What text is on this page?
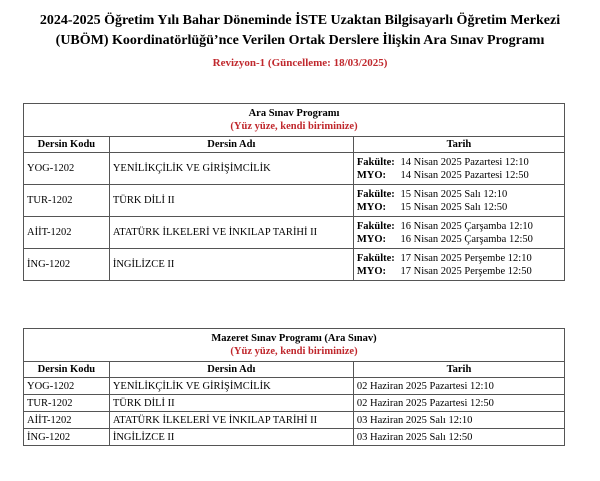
2024-2025 Öğretim Yılı Bahar Döneminde İSTE Uzaktan Bilgisayarlı Öğretim Merkezi
(UBÖM) Koordinatörlüğü’nce Verilen Ortak Derslere İlişkin Ara Sınav Programı
Revizyon-1 (Güncelleme: 18/03/2025)
Ara Sınav Programı
(Yüz yüze, kendi biriminize)		

Dersin Kodu	Dersin Adı	Tarih
YOG-1202	YENİLİKÇİLİK VE GİRİŞİMCİLİK	Fakülte: 14 Nisan 2025 Pazartesi 12:10
MYO: 14 Nisan 2025 Pazartesi 12:50

TUR-1202	TÜRK DİLİ II	Fakülte: 15 Nisan 2025 Salı 12:10
MYO: 15 Nisan 2025 Salı 12:50

AİİT-1202	ATATÜRK İLKELERİ VE İNKILAP TARİHİ II	Fakülte: 16 Nisan 2025 Çarşamba 12:10
MYO: 16 Nisan 2025 Çarşamba 12:50

İNG-1202	İNGİLİZCE II	Fakülte: 17 Nisan 2025 Perşembe 12:10
MYO: 17 Nisan 2025 Perşembe 12:50
Mazeret Sınav Programı (Ara Sınav)
(Yüz yüze, kendi biriminize)		

Dersin Kodu	Dersin Adı	Tarih
YOG-1202	YENİLİKÇİLİK VE GİRİŞİMCİLİK	02 Haziran 2025 Pazartesi 12:10
TUR-1202	TÜRK DİLİ II	02 Haziran 2025 Pazartesi 12:50
AİİT-1202	ATATÜRK İLKELERİ VE İNKILAP TARİHİ II	03 Haziran 2025 Salı 12:10
İNG-1202	İNGİLİZCE II	03 Haziran 2025 Salı 12:50
